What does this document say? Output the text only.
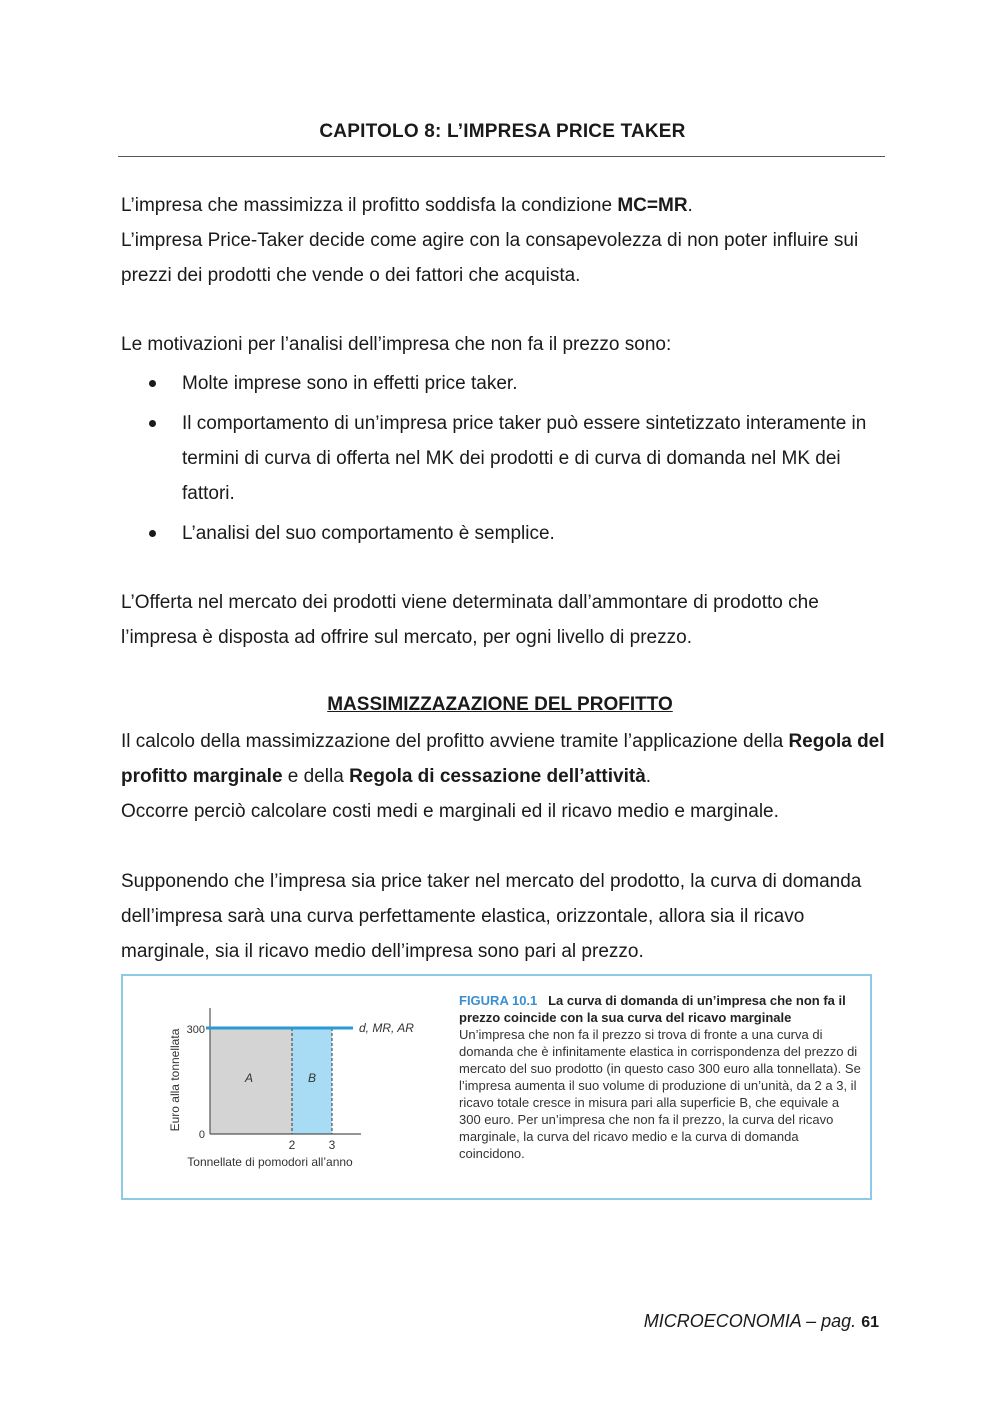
CAPITOLO 8: L’IMPRESA PRICE TAKER

L’impresa che massimizza il profitto soddisfa la condizione MC=MR.
L’impresa Price-Taker decide come agire con la consapevolezza di non poter influire sui prezzi dei prodotti che vende o dei fattori che acquista.

Le motivazioni per l’analisi dell’impresa che non fa il prezzo sono:

Molte imprese sono in effetti price taker.
Il comportamento di un’impresa price taker può essere sintetizzato interamente in termini di curva di offerta nel MK dei prodotti e di curva di domanda nel MK dei fattori.
L’analisi del suo comportamento è semplice.

L’Offerta nel mercato dei prodotti viene determinata dall’ammontare di prodotto che l’impresa è disposta ad offrire sul mercato, per ogni livello di prezzo.

MASSIMIZZAZAZIONE DEL PROFITTO

Il calcolo della massimizzazione del profitto avviene tramite l’applicazione della Regola del profitto marginale e della Regola di cessazione dell’attività.
Occorre perciò calcolare costi medi e marginali ed il ricavo medio e marginale.

Supponendo che l’impresa sia price taker nel mercato del prodotto, la curva di domanda dell’impresa sarà una curva perfettamente elastica, orizzontale, allora sia il ricavo marginale, sia il ricavo medio dell’impresa sono pari al prezzo.

300
0
2	3
A	B
d, MR, AR
Tonnellate di pomodori all’anno
Euro alla tonnellata
FIGURA 10.1 La curva di domanda di un’impresa che non fa il prezzo coincide con la sua curva del ricavo marginale
Un’impresa che non fa il prezzo si trova di fronte a una curva di domanda che è infinitamente elastica in corrispondenza del prezzo di mercato del suo prodotto (in questo caso 300 euro alla tonnellata). Se l’impresa aumenta il suo volume di produzione di un’unità, da 2 a 3, il ricavo totale cresce in misura pari alla superficie B, che equivale a 300 euro. Per un’impresa che non fa il prezzo, la curva del ricavo marginale, la curva del ricavo medio e la curva di domanda coincidono.
MICROECONOMIA – pag. 61
